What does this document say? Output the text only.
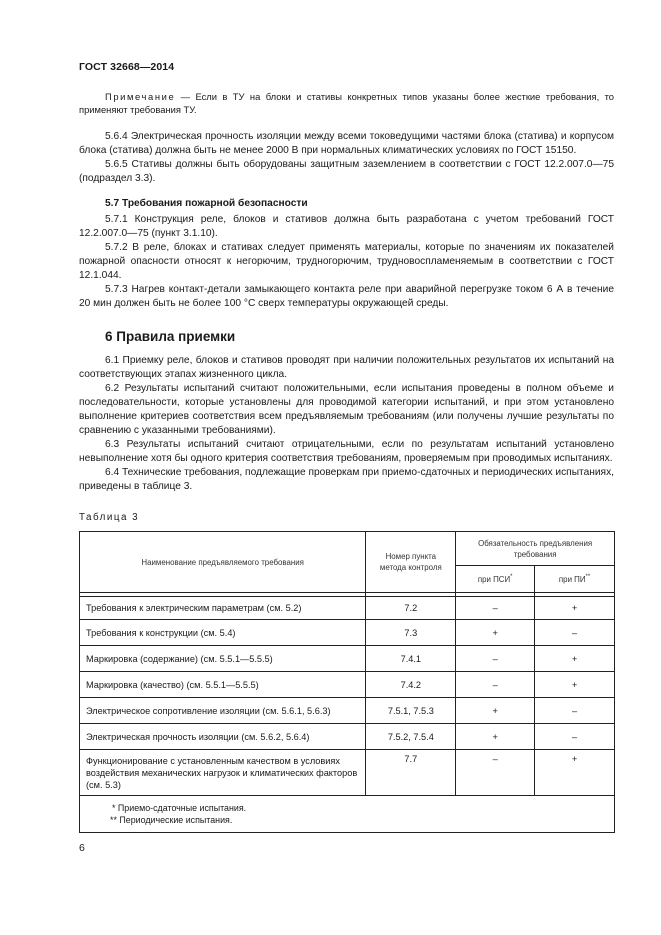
ГОСТ 32668—2014

Примечание — Если в ТУ на блоки и стативы конкретных типов указаны более жесткие требования, то применяют требования ТУ.

5.6.4 Электрическая прочность изоляции между всеми токоведущими частями блока (статива) и корпусом блока (статива) должна быть не менее 2000 В при нормальных климатических условиях по ГОСТ 15150.

5.6.5 Стативы должны быть оборудованы защитным заземлением в соответствии с ГОСТ 12.2.007.0—75 (подраздел 3.3).

5.7 Требования пожарной безопасности

5.7.1 Конструкция реле, блоков и стативов должна быть разработана с учетом требований ГОСТ 12.2.007.0—75 (пункт 3.1.10).

5.7.2 В реле, блоках и стативах следует применять материалы, которые по значениям их показателей пожарной опасности относят к негорючим, трудногорючим, трудновоспламеняемым в соответствии с ГОСТ 12.1.044.

5.7.3 Нагрев контакт-детали замыкающего контакта реле при аварийной перегрузке током 6 А в течение 20 мин должен быть не более 100 °С сверх температуры окружающей среды.

6 Правила приемки

6.1 Приемку реле, блоков и стативов проводят при наличии положительных результатов их испытаний на соответствующих этапах жизненного цикла.

6.2 Результаты испытаний считают положительными, если испытания проведены в полном объеме и последовательности, которые установлены для проводимой категории испытаний, и при этом установлено выполнение критериев соответствия всем предъявляемым требованиям (или получены лучшие результаты по сравнению с указанными требованиями).

6.3 Результаты испытаний считают отрицательными, если по результатам испытаний установлено невыполнение хотя бы одного критерия соответствия требованиям, проверяемым при проводимых испытаниях.

6.4 Технические требования, подлежащие проверкам при приемо-сдаточных и периодических испытаниях, приведены в таблице 3.

Таблица 3
Наименование предъявляемого требования	Номер пункта метода контроля	Обязательность предъявления требования	
		при ПСИ*	при ПИ**

Требования к электрическим параметрам (см. 5.2)	7.2	–	+
Требования к конструкции (см. 5.4)	7.3	+	–
Маркировка (содержание) (см. 5.5.1—5.5.5)	7.4.1	–	+
Маркировка (качество) (см. 5.5.1—5.5.5)	7.4.2	–	+
Электрическое сопротивление изоляции (см. 5.6.1, 5.6.3)	7.5.1, 7.5.3	+	–
Электрическая прочность изоляции (см. 5.6.2, 5.6.4)	7.5.2, 7.5.4	+	–
Функционирование с установленным качеством в условиях воздействия механических нагрузок и климатических факторов (см. 5.3)	7.7	–	+

* Приемо-сдаточные испытания.
** Периодические испытания.			
6
